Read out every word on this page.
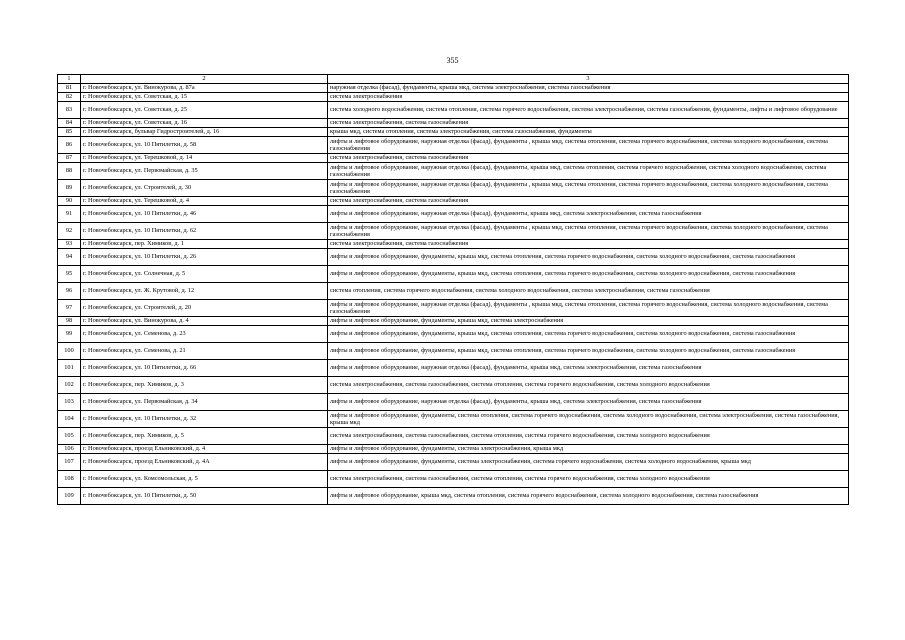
355
1	2	3
81	г. Новочебоксарск, ул. Винокурова, д. 87а	наружная отделка (фасад), фундаменты, крыша мкд, система электроснабжения, система газоснабжения
82	г. Новочебоксарск, ул. Советская, д. 15	система электроснабжения
83	г. Новочебоксарск, ул. Советская, д. 25	система холодного водоснабжения, система отопления, система горячего водоснабжения, система электроснабжения, система газоснабжения, фундаменты, лифты и лифтовое оборудование
84	г. Новочебоксарск, ул. Советская, д. 16	система электроснабжения, система газоснабжения
85	г. Новочебоксарск, бульвар Гидростроителей, д. 16	крыша мкд, система отопления, система электроснабжения, система газоснабжения, фундаменты
86	г. Новочебоксарск, ул. 10 Пятилетки, д. 58	лифты и лифтовое оборудование, наружная отделка (фасад), фундаменты , крыша мкд, система отопления, система горячего водоснабжения, система холодного водоснабжения, система газоснабжения
87	г. Новочебоксарск, ул. Терешковой, д. 14	система электроснабжения, система газоснабжения
88	г. Новочебоксарск, ул. Первомайская, д. 35	лифты и лифтовое оборудование, наружная отделка (фасад), фундаменты, крыша мкд, система отопления, система горячего водоснабжения, система холодного водоснабжения, система газоснабжения
89	г. Новочебоксарск, ул. Строителей, д. 30	лифты и лифтовое оборудование, наружная отделка (фасад), фундаменты , крыша мкд, система отопления, система горячего водоснабжения, система холодного водоснабжения, система газоснабжения
90	г. Новочебоксарск, ул. Терешковой, д. 4	система электроснабжения, система газоснабжения
91	г. Новочебоксарск, ул. 10 Пятилетки, д. 46	лифты и лифтовое оборудование, наружная отделка (фасад), фундаменты, крыша мкд, система электроснабжения, система газоснабжения
92	г. Новочебоксарск, ул. 10 Пятилетки, д. 62	лифты и лифтовое оборудование, наружная отделка (фасад), фундаменты , крыша мкд, система отопления, система горячего водоснабжения, система холодного водоснабжения, система газоснабжения
93	г. Новочебоксарск, пер. Химиков, д. 1	система электроснабжения, система газоснабжения
94	г. Новочебоксарск, ул. 10 Пятилетки, д. 26	лифты и лифтовое оборудование, фундаменты, крыша мкд, система отопления, система горячего водоснабжения, система холодного водоснабжения, система газоснабжения
95	г. Новочебоксарск, ул. Солнечная, д. 5	лифты и лифтовое оборудование, фундаменты, крыша мкд, система отопления, система горячего водоснабжения, система холодного водоснабжения, система газоснабжения
96	г. Новочебоксарск, ул. Ж. Крутовой, д. 12	система отопления, система горячего водоснабжения, система холодного водоснабжения, система электроснабжения, система газоснабжения
97	г. Новочебоксарск, ул. Строителей, д. 20	лифты и лифтовое оборудование, наружная отделка (фасад), фундаменты , крыша мкд, система отопления, система горячего водоснабжения, система холодного водоснабжения, система газоснабжения
98	г. Новочебоксарск, ул. Винокурова, д. 4	лифты и лифтовое оборудование, фундаменты, крыша мкд, система электроснабжения
99	г. Новочебоксарск, ул. Семенова, д. 23	лифты и лифтовое оборудование, фундаменты, крыша мкд, система отопления, система горячего водоснабжения, система холодного водоснабжения, система газоснабжения
100	г. Новочебоксарск, ул. Семенова, д. 21	лифты и лифтовое оборудование, фундаменты, крыша мкд, система отопления, система горячего водоснабжения, система холодного водоснабжения, система газоснабжения
101	г. Новочебоксарск, ул. 10 Пятилетки, д. 66	лифты и лифтовое оборудование, наружная отделка (фасад), фундаменты, крыша мкд, система электроснабжения, система газоснабжения
102	г. Новочебоксарск, пер. Химиков, д. 3	система электроснабжения, система газоснабжения, система отопления, система горячего водоснабжения, система холодного водоснабжения
103	г. Новочебоксарск, ул. Первомайская, д. 34	лифты и лифтовое оборудование, наружная отделка (фасад), фундаменты, крыша мкд, система электроснабжения, система газоснабжения
104	г. Новочебоксарск, ул. 10 Пятилетки, д. 32	лифты и лифтовое оборудование, фундаменты, система отопления, система горячего водоснабжения, система холодного водоснабжения, система электроснабжения, система газоснабжения, крыша мкд
105	г. Новочебоксарск, пер. Химиков, д. 5	система электроснабжения, система газоснабжения, система отопления, система горячего водоснабжения, система холодного водоснабжения
106	г. Новочебоксарск, проезд Ельниковский, д. 4	лифты и лифтовое оборудование, фундаменты, система электроснабжения, крыша мкд
107	г. Новочебоксарск, проезд Ельниковский, д. 4А	лифты и лифтовое оборудование, фундаменты, система электроснабжения, система горячего водоснабжения, система холодного водоснабжения, крыша мкд
108	г. Новочебоксарск, ул. Комсомольская, д. 5	система электроснабжения, система газоснабжения, система отопления, система горячего водоснабжения, система холодного водоснабжения
109	г. Новочебоксарск, ул. 10 Пятилетки, д. 50	лифты и лифтовое оборудование, крыша мкд, система отопления, система горячего водоснабжения, система холодного водоснабжения, система газоснабжения
